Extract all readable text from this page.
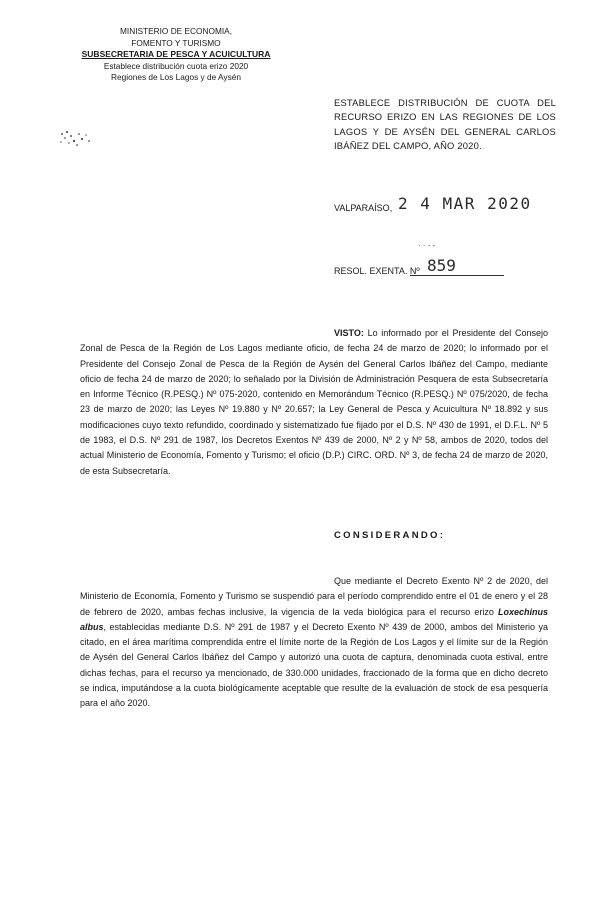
MINISTERIO DE ECONOMIA,
FOMENTO Y TURISMO
SUBSECRETARIA DE PESCA Y ACUICULTURA
Establece distribución cuota erizo 2020
Regiones de Los Lagos y de Aysén
ESTABLECE DISTRIBUCIÓN DE CUOTA DEL RECURSO ERIZO EN LAS REGIONES DE LOS LAGOS Y DE AYSÉN DEL GENERAL CARLOS IBÁÑEZ DEL CAMPO, AÑO 2020.
VALPARAÍSO, 2 4 MAR 2020
· · - -
RESOL. EXENTA. Nº 859
VISTO: Lo informado por el Presidente del Consejo Zonal de Pesca de la Región de Los Lagos mediante oficio, de fecha 24 de marzo de 2020; lo informado por el Presidente del Consejo Zonal de Pesca de la Región de Aysén del General Carlos Ibáñez del Campo, mediante oficio de fecha 24 de marzo de 2020; lo señalado por la División de Administración Pesquera de esta Subsecretaría en Informe Técnico (R.PESQ.) Nº 075-2020, contenido en Memorándum Técnico (R.PESQ.) Nº 075/2020, de fecha 23 de marzo de 2020; las Leyes Nº 19.880 y Nº 20.657; la Ley General de Pesca y Acuicultura Nº 18.892 y sus modificaciones cuyo texto refundido, coordinado y sistematizado fue fijado por el D.S. Nº 430 de 1991, el D.F.L. Nº 5 de 1983, el D.S. Nº 291 de 1987, los Decretos Exentos Nº 439 de 2000, Nº 2 y Nº 58, ambos de 2020, todos del actual Ministerio de Economía, Fomento y Turismo; el oficio (D.P.) CIRC. ORD. Nº 3, de fecha 24 de marzo de 2020, de esta Subsecretaría.
CONSIDERANDO:
Que mediante el Decreto Exento Nº 2 de 2020, del Ministerio de Economía, Fomento y Turismo se suspendió para el período comprendido entre el 01 de enero y el 28 de febrero de 2020, ambas fechas inclusive, la vigencia de la veda biológica para el recurso erizo Loxechinus albus, establecidas mediante D.S. Nº 291 de 1987 y el Decreto Exento Nº 439 de 2000, ambos del Ministerio ya citado, en el área marítima comprendida entre el límite norte de la Región de Los Lagos y el límite sur de la Región de Aysén del General Carlos Ibáñez del Campo y autorizó una cuota de captura, denominada cuota estival, entre dichas fechas, para el recurso ya mencionado, de 330.000 unidades, fraccionado de la forma que en dicho decreto se indica, imputándose a la cuota biológicamente aceptable que resulte de la evaluación de stock de esa pesquería para el año 2020.
